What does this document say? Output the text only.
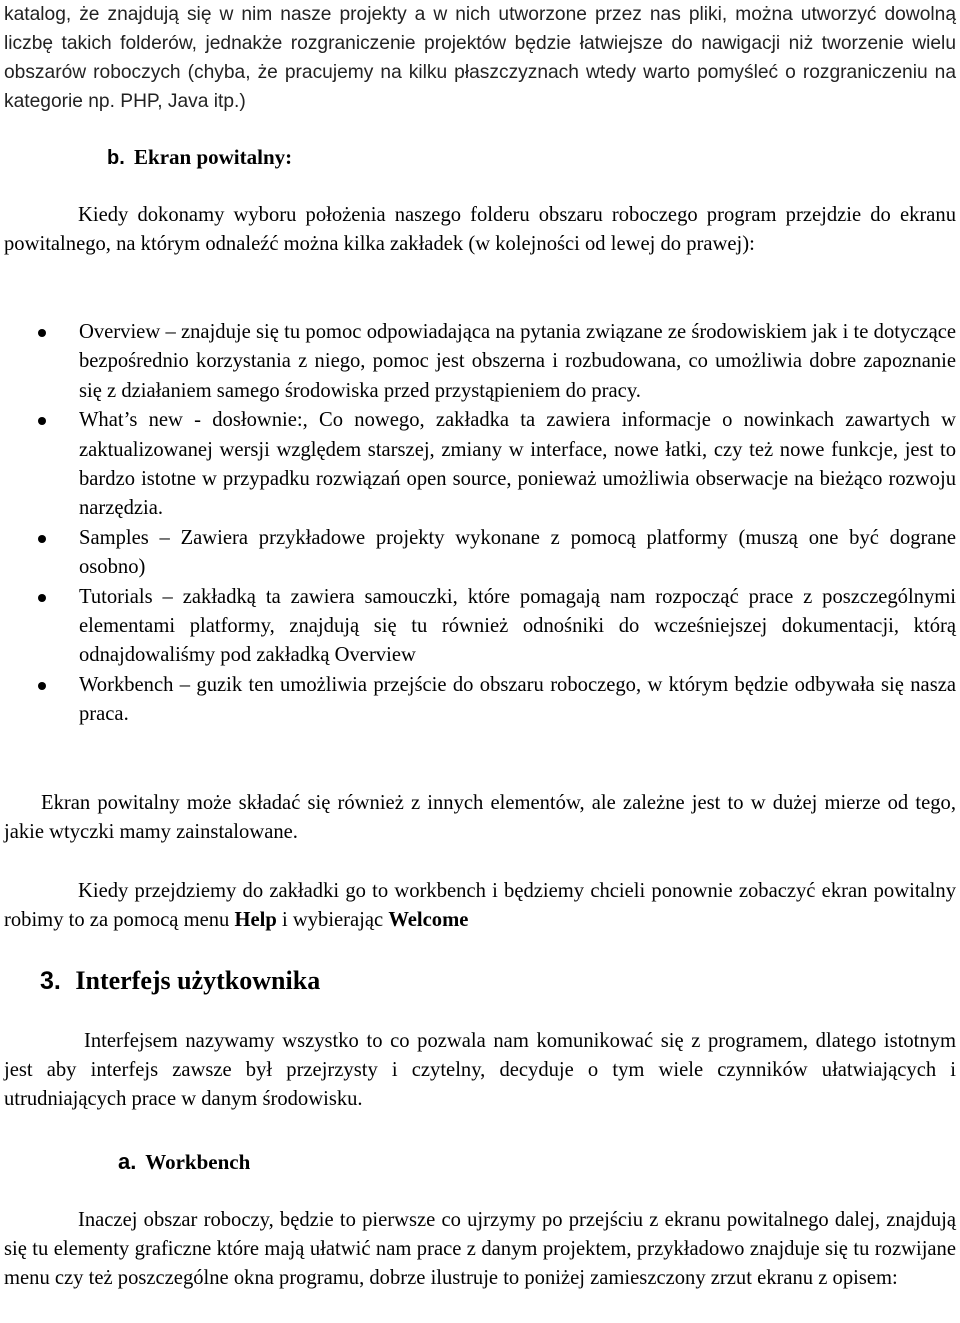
katalog, że znajdują się w nim nasze projekty a w nich utworzone przez nas pliki, można utworzyć dowolną liczbę takich folderów, jednakże rozgraniczenie projektów będzie łatwiejsze do nawigacji niż tworzenie wielu obszarów roboczych (chyba, że pracujemy na kilku płaszczyznach wtedy warto pomyśleć o rozgraniczeniu na kategorie np. PHP, Java itp.)

b. Ekran powitalny:

Kiedy dokonamy wyboru położenia naszego folderu obszaru roboczego program przejdzie do ekranu powitalnego, na którym odnaleźć można kilka zakładek (w kolejności od lewej do prawej):

Overview – znajduje się tu pomoc odpowiadająca na pytania związane ze środowiskiem jak i te dotyczące bezpośrednio korzystania z niego, pomoc jest obszerna i rozbudowana, co umożliwia dobre zapoznanie się z działaniem samego środowiska przed przystąpieniem do pracy.
What’s new - dosłownie:, Co nowego, zakładka ta zawiera informacje o nowinkach zawartych w zaktualizowanej wersji względem starszej, zmiany w interface, nowe łatki, czy też nowe funkcje, jest to bardzo istotne w przypadku rozwiązań open source, ponieważ umożliwia obserwacje na bieżąco rozwoju narzędzia.
Samples – Zawiera przykładowe projekty wykonane z pomocą platformy (muszą one być dograne osobno)
Tutorials – zakładką ta zawiera samouczki, które pomagają nam rozpocząć prace z poszczególnymi elementami platformy, znajdują się tu również odnośniki do wcześniejszej dokumentacji, którą odnajdowaliśmy pod zakładką Overview
Workbench – guzik ten umożliwia przejście do obszaru roboczego, w którym będzie odbywała się nasza praca.

Ekran powitalny może składać się również z innych elementów, ale zależne jest to w dużej mierze od tego, jakie wtyczki mamy zainstalowane.

Kiedy przejdziemy do zakładki go to workbench i będziemy chcieli ponownie zobaczyć ekran powitalny robimy to za pomocą menu Help i wybierając Welcome

3. Interfejs użytkownika

Interfejsem nazywamy wszystko to co pozwala nam komunikować się z programem, dlatego istotnym jest aby interfejs zawsze był przejrzysty i czytelny, decyduje o tym wiele czynników ułatwiających i utrudniających prace w danym środowisku.

a. Workbench

Inaczej obszar roboczy, będzie to pierwsze co ujrzymy po przejściu z ekranu powitalnego dalej, znajdują się tu elementy graficzne które mają ułatwić nam prace z danym projektem, przykładowo znajduje się tu rozwijane menu czy też poszczególne okna programu, dobrze ilustruje to poniżej zamieszczony zrzut ekranu z opisem:
